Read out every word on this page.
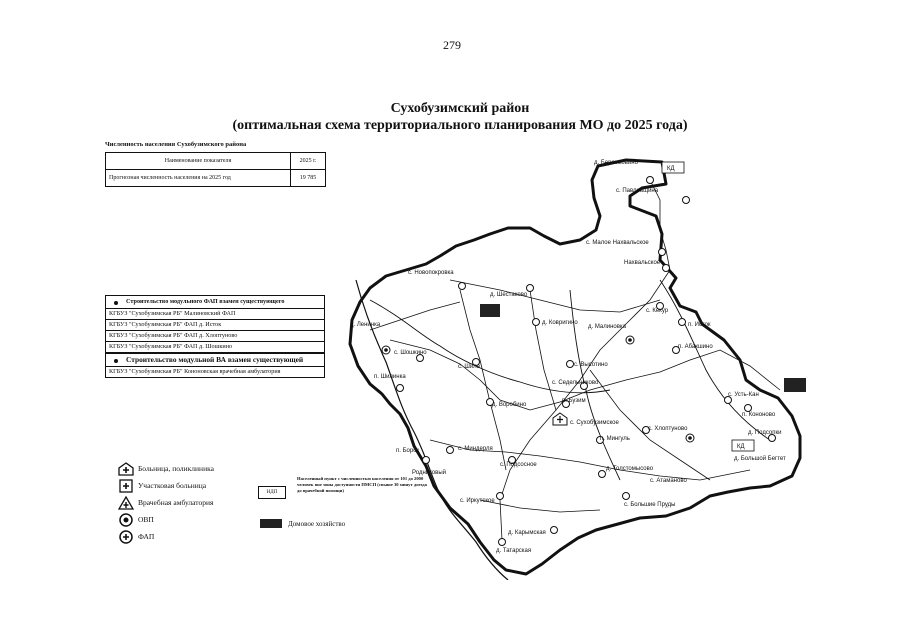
279
Сухобузимский район
(оптимальная схема территориального планирования МО до 2025 года)
Численность населения Сухобузимского района
Наименование показателя	2025 г.
Прогнозная численность населения на 2025 год	19 785
Строительство модульного ФАП взамен существующего
КГБУЗ "Сухобузимская РБ" Малиновский ФАП
КГБУЗ "Сухобузимская РБ" ФАП д. Исток
КГБУЗ "Сухобузимская РБ" ФАП д. Хлоптуново
КГБУЗ "Сухобузимская РБ" ФАП д. Шошкино
Строительство модульной ВА взамен существующей
КГБУЗ "Сухобузимская РБ" Кононовская врачебная амбулатория
Больница, поликлиника
Участковая больница
Врачебная амбулатория
ОВП
ФАП
НДП
Населенный пункт с численностью населения от 101 до 2000 человек вне зоны доступности ПМСП (свыше 30 минут доезда до врачебной помощи)
Домовое хозяйство
КД
КД
д. Бережковино
с. Павловщина
с. Малое Нахвальское
Нахвальское
с. Новопокровка
д. Шестаково
д. Ленинка	д. Ковригино
д. Малиновка
с. Кекур
п. Исток
п. Абакшино
с. Шошкино
с. Шила	с. Высотино
п. Шилинка
с. Седельниково
с. Усть-Кан
п. Кононово
д. Воробино
п. Бузим
с. Сухобузимское
с. Хлоптуново
д. Подсопки
д. Большой Бегтет
п. Борок
п. Мингуль
с. Миндерля
Родниковый
с. Подсосное
д. Толстомысово
с. Атаманово
с. Иркутское
с. Большие Пруды
д. Карымская
д. Татарская
